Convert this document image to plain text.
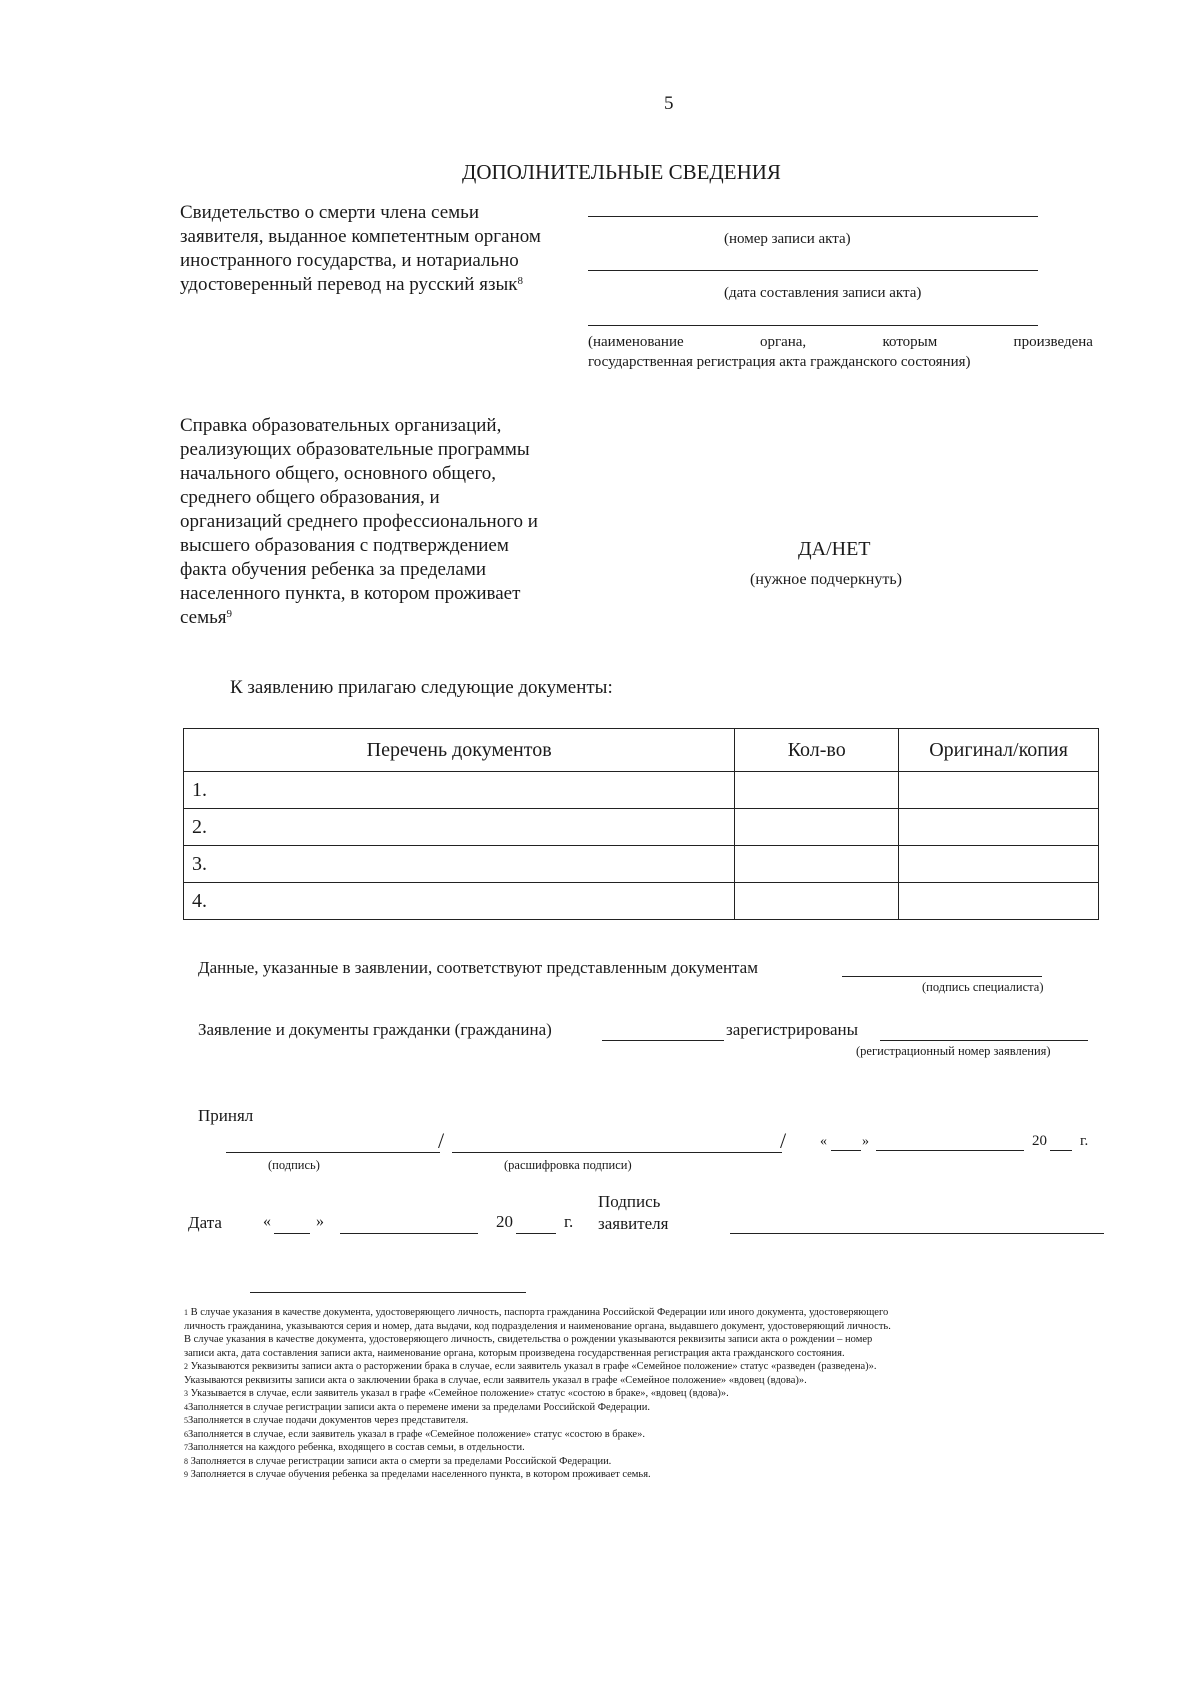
5
ДОПОЛНИТЕЛЬНЫЕ СВЕДЕНИЯ
Свидетельство о смерти члена семьи
заявителя, выданное компетентным органом
иностранного государства, и нотариально
удостоверенный перевод на русский язык$^8$
(номер записи акта)
(дата составления записи акта)
(наименование	органа,	которым	произведена
государственная регистрация акта гражданского состояния)
Справка образовательных организаций,
реализующих образовательные программы
начального общего, основного общего,
среднего общего образования, и
организаций среднего профессионального и
высшего образования с подтверждением
факта обучения ребенка за пределами
населенного пункта, в котором проживает
семья$^9$
ДА/НЕТ
(нужное подчеркнуть)
К заявлению прилагаю следующие документы:
Перечень документов	Кол-во	Оригинал/копия
1.		
2.		
3.		
4.		
Данные, указанные в заявлении, соответствуют представленным документам
(подпись специалиста)
Заявление и документы гражданки (гражданина)	зарегистрированы
(регистрационный номер заявления)
Принял
/	/ «	»	20 г.
(подпись)	(расшифровка подписи)
Дата	«	»	20	г.
Подпись
заявителя
$^1$ В случае указания в качестве документа, удостоверяющего личность, паспорта гражданина Российской Федерации или иного документа, удостоверяющего
личность гражданина, указываются серия и номер, дата выдачи, код подразделения и наименование органа, выдавшего документ, удостоверяющий личность.
В случае указания в качестве документа, удостоверяющего личность, свидетельства о рождении указываются реквизиты записи акта о рождении – номер
записи акта, дата составления записи акта, наименование органа, которым произведена государственная регистрация акта гражданского состояния.
$^2$ Указываются реквизиты записи акта о расторжении брака в случае, если заявитель указал в графе «Семейное положение» статус «разведен (разведена)».
Указываются реквизиты записи акта о заключении брака в случае, если заявитель указал в графе «Семейное положение» «вдовец (вдова)».
$^3$ Указывается в случае, если заявитель указал в графе «Семейное положение» статус «состою в браке», «вдовец (вдова)».
$^4$Заполняется в случае регистрации записи акта о перемене имени за пределами Российской Федерации.
$^5$Заполняется в случае подачи документов через представителя.
$^6$Заполняется в случае, если заявитель указал в графе «Семейное положение» статус «состою в браке».
$^7$Заполняется на каждого ребенка, входящего в состав семьи, в отдельности.
$^8$ Заполняется в случае регистрации записи акта о смерти за пределами Российской Федерации.
$^9$ Заполняется в случае обучения ребенка за пределами населенного пункта, в котором проживает семья.
